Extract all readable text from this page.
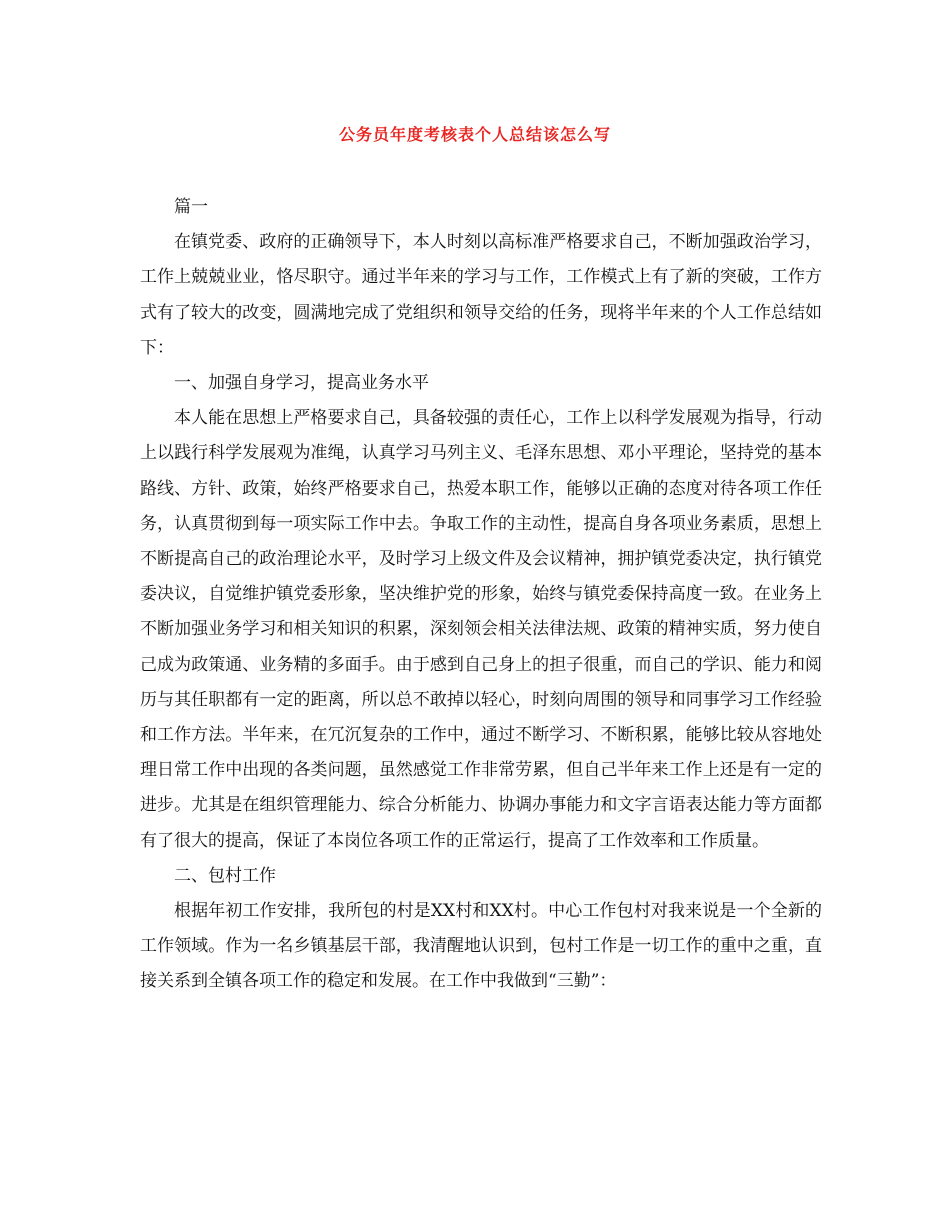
公务员年度考核表个人总结该怎么写

篇一

在镇党委、政府的正确领导下，本人时刻以高标准严格要求自己，不断加强政治学习，工作上兢兢业业，恪尽职守。通过半年来的学习与工作，工作模式上有了新的突破，工作方式有了较大的改变，圆满地完成了党组织和领导交给的任务，现将半年来的个人工作总结如下：

一、加强自身学习，提高业务水平

本人能在思想上严格要求自己，具备较强的责任心，工作上以科学发展观为指导，行动上以践行科学发展观为准绳，认真学习马列主义、毛泽东思想、邓小平理论，坚持党的基本路线、方针、政策，始终严格要求自己，热爱本职工作，能够以正确的态度对待各项工作任务，认真贯彻到每一项实际工作中去。争取工作的主动性，提高自身各项业务素质，思想上不断提高自己的政治理论水平，及时学习上级文件及会议精神，拥护镇党委决定，执行镇党委决议，自觉维护镇党委形象，坚决维护党的形象，始终与镇党委保持高度一致。在业务上不断加强业务学习和相关知识的积累，深刻领会相关法律法规、政策的精神实质，努力使自己成为政策通、业务精的多面手。由于感到自己身上的担子很重，而自己的学识、能力和阅历与其任职都有一定的距离，所以总不敢掉以轻心，时刻向周围的领导和同事学习工作经验和工作方法。半年来，在冗沉复杂的工作中，通过不断学习、不断积累，能够比较从容地处理日常工作中出现的各类问题，虽然感觉工作非常劳累，但自己半年来工作上还是有一定的进步。尤其是在组织管理能力、综合分析能力、协调办事能力和文字言语表达能力等方面都有了很大的提高，保证了本岗位各项工作的正常运行，提高了工作效率和工作质量。

二、包村工作

根据年初工作安排，我所包的村是XX村和XX村。中心工作包村对我来说是一个全新的工作领域。作为一名乡镇基层干部，我清醒地认识到，包村工作是一切工作的重中之重，直接关系到全镇各项工作的稳定和发展。在工作中我做到“三勤”：
